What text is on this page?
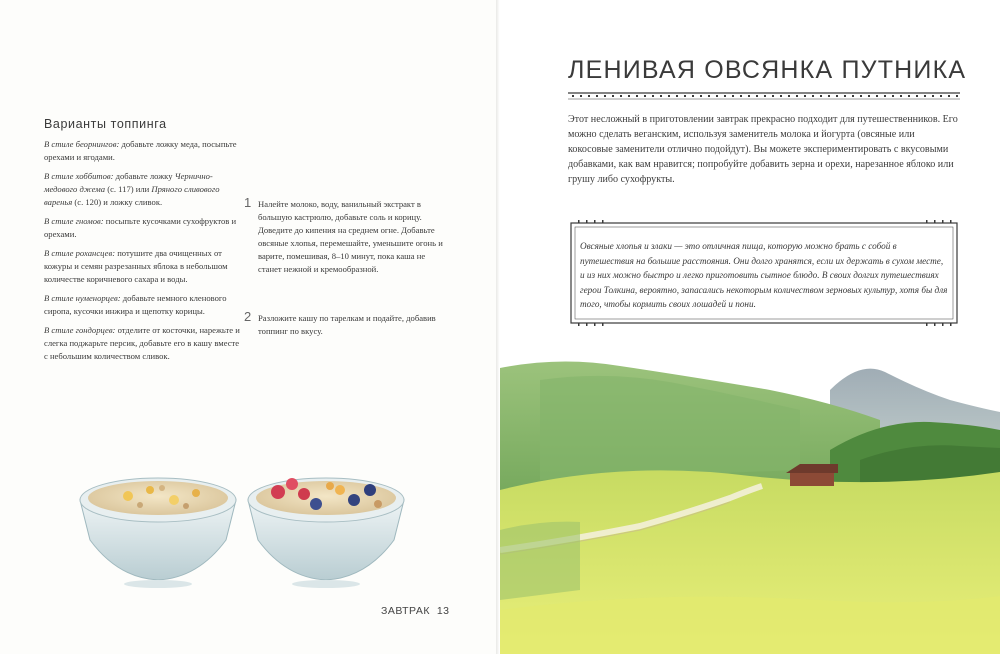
Варианты топпинга
В стиле беорнингов: добавьте ложку меда, посыпьте орехами и ягодами.
В стиле хоббитов: добавьте ложку Чернично-медового джема (с. 117) или Пряного сливового варенья (с. 120) и ложку сливок.
В стиле гномов: посыпьте кусочками сухофруктов и орехами.
В стиле рохансцев: потушите два очищенных от кожуры и семян разрезанных яблока в небольшом количестве коричневого сахара и воды.
В стиле нуменорцев: добавьте немного кленового сиропа, кусочки инжира и щепотку корицы.
В стиле гондорцев: отделите от косточки, нарежьте и слегка поджарьте персик, добавьте его в кашу вместе с небольшим количеством сливок.
1 Налейте молоко, воду, ванильный экстракт в большую кастрюлю, добавьте соль и корицу. Доведите до кипения на среднем огне. Добавьте овсяные хлопья, перемешайте, уменьшите огонь и варите, помешивая, 8–10 минут, пока каша не станет нежной и кремообразной.
2 Разложите кашу по тарелкам и подайте, добавив топпинг по вкусу.
ЗАВТРАК 13
ЛЕНИВАЯ ОВСЯНКА ПУТНИКА
Этот несложный в приготовлении завтрак прекрасно подходит для путешественников. Его можно сделать веганским, используя заменитель молока и йогурта (овсяные или кокосовые заменители отлично подойдут). Вы можете экспериментировать с вкусовыми добавками, как вам нравится; попробуйте добавить зерна и орехи, нарезанное яблоко или грушу либо сухофрукты.
Овсяные хлопья и злаки — это отличная пища, которую можно брать с собой в путешествия на большие расстояния. Они долго хранятся, если их держать в сухом месте, и из них можно быстро и легко приготовить сытное блюдо. В своих долгих путешествиях герои Толкина, вероятно, запасались некоторым количеством зерновых культур, хотя бы для того, чтобы кормить своих лошадей и пони.
